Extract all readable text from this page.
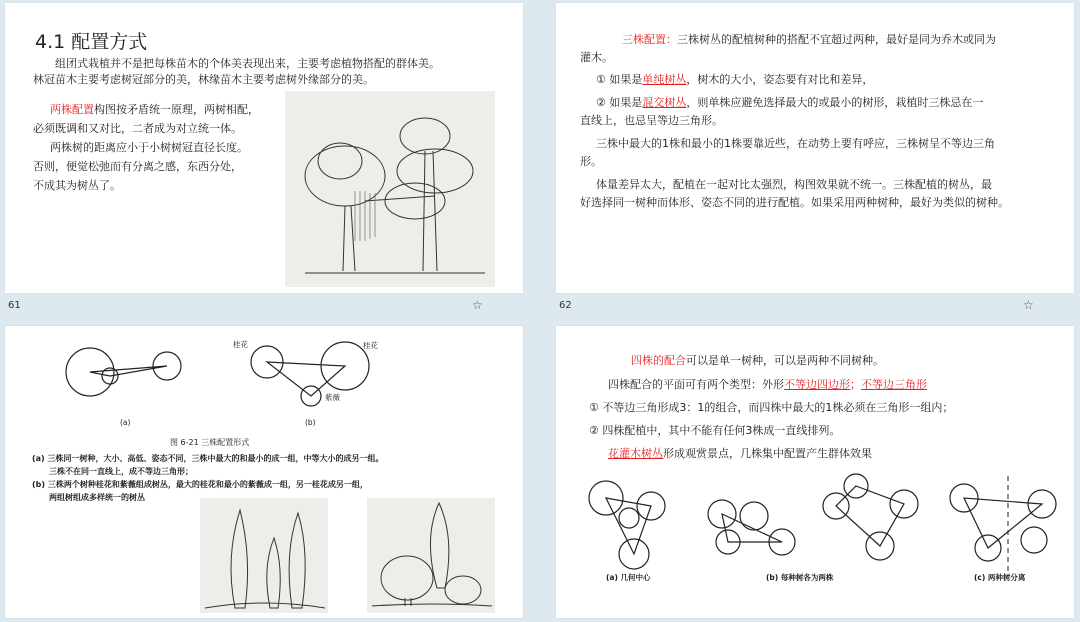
4.1 配置方式

组团式栽植并不是把每株苗木的个体美表现出来，主要考虑植物搭配的群体美。

林冠苗木主要考虑树冠部分的美，林缘苗木主要考虑树外缘部分的美。

两株配置构图按矛盾统一原理，两树相配，

必须既调和又对比，二者成为对立统一体。

两株树的距离应小于小树树冠直径长度。

否则，便觉松弛而有分离之感，东西分处，

不成其为树丛了。

61	☆

三株配置：三株树丛的配植树种的搭配不宜超过两种，最好是同为乔木或同为

灌木。

① 如果是单纯树丛，树木的大小，姿态要有对比和差异，

② 如果是混交树丛，则单株应避免选择最大的或最小的树形，栽植时三株忌在一

直线上，也忌呈等边三角形。

三株中最大的1株和最小的1株要靠近些，在动势上要有呼应，三株树呈不等边三角

形。

体量差异太大，配植在一起对比太强烈，构图效果就不统一。三株配植的树丛，最

好选择同一树种而体形、姿态不同的进行配植。如果采用两种树种，最好为类似的树种。

62	☆
(a)	(b)
桂花	桂花
紫薇
图 6-21 三株配置形式
(a) 三株同一树种，大小、高低、姿态不同，三株中最大的和最小的成一组，中等大小的成另一组。
三株不在同一直线上，成不等边三角形；
(b) 三株两个树种桂花和紫薇组成树丛，最大的桂花和最小的紫薇成一组，另一桂花成另一组，
两组树组成多样统一的树丛

四株的配合可以是单一树种，可以是两种不同树种。

四株配合的平面可有两个类型：外形不等边四边形；不等边三角形

① 不等边三角形成3：1的组合，而四株中最大的1株必须在三角形一组内；

② 四株配植中，其中不能有任何3株成一直线排列。

花灌木树丛形成观赏景点，几株集中配置产生群体效果

(a) 几何中心	(b) 每种树各为两株	(c) 两种树分离
